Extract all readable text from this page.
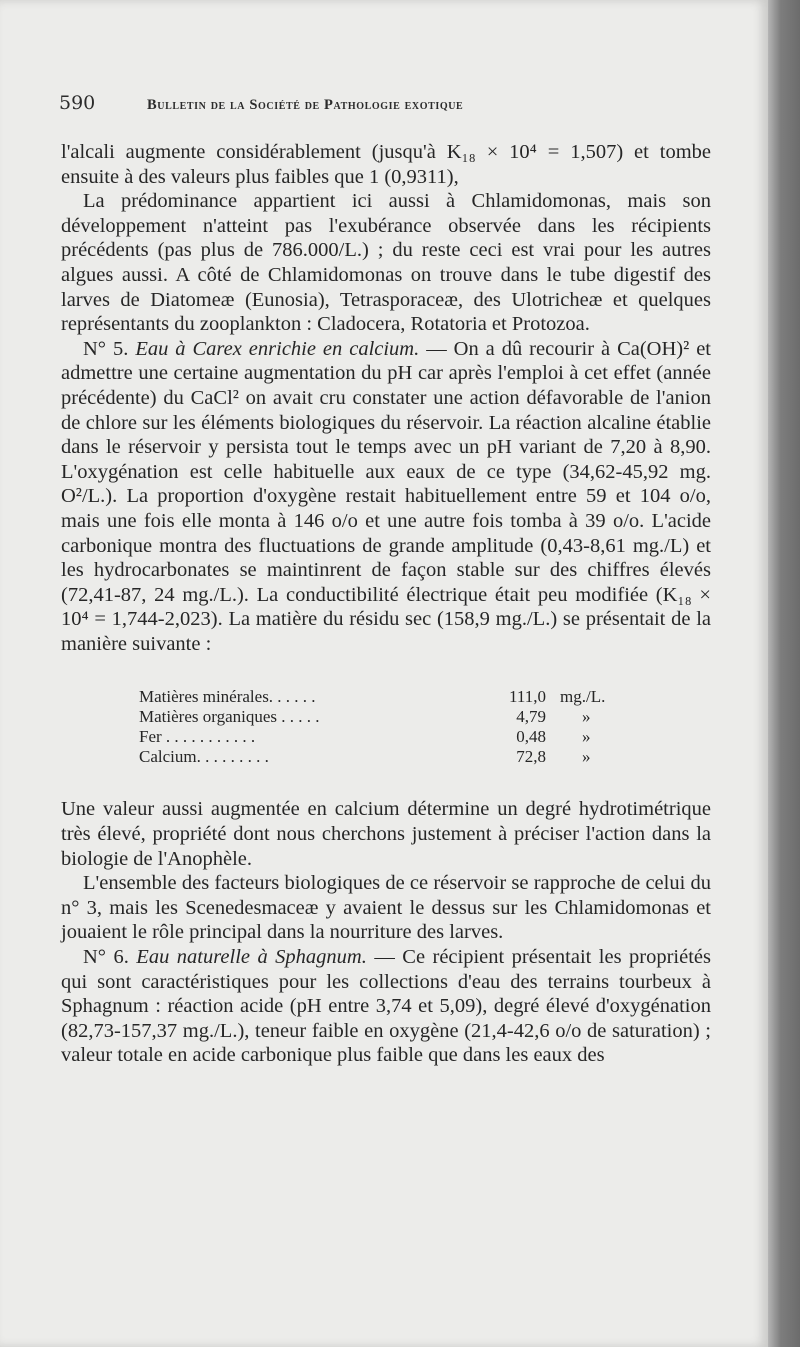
590	Bulletin de la Société de Pathologie exotique

l'alcali augmente considérablement (jusqu'à K₁₈ × 10⁴ = 1,507) et tombe ensuite à des valeurs plus faibles que 1 (0,9311),

La prédominance appartient ici aussi à Chlamidomonas, mais son développement n'atteint pas l'exubérance observée dans les récipients précédents (pas plus de 786.000/L.) ; du reste ceci est vrai pour les autres algues aussi. A côté de Chlamidomonas on trouve dans le tube digestif des larves de Diatomeæ (Eunosia), Tetrasporaceæ, des Ulotricheæ et quelques représentants du zooplankton : Cladocera, Rotatoria et Protozoa.

N° 5. Eau à Carex enrichie en calcium. — On a dû recourir à Ca(OH)² et admettre une certaine augmentation du pH car après l'emploi à cet effet (année précédente) du CaCl² on avait cru constater une action défavorable de l'anion de chlore sur les éléments biologiques du réservoir. La réaction alcaline établie dans le réservoir y persista tout le temps avec un pH variant de 7,20 à 8,90. L'oxygénation est celle habituelle aux eaux de ce type (34,62-45,92 mg. O²/L.). La proportion d'oxygène restait habituellement entre 59 et 104 o/o, mais une fois elle monta à 146 o/o et une autre fois tomba à 39 o/o. L'acide carbonique montra des fluctuations de grande amplitude (0,43-8,61 mg./L) et les hydrocarbonates se maintinrent de façon stable sur des chiffres élevés (72,41-87, 24 mg./L.). La conductibilité électrique était peu modifiée (K₁₈ × 10⁴ = 1,744-2,023). La matière du résidu sec (158,9 mg./L.) se présentait de la manière suivante :

Matières minérales. . . . . .	111,0 mg./L.
Matières organiques . . . . .	4,79	»
Fer . . . . . . . . . . .	0,48	»
Calcium. . . . . . . . .	72,8	»

Une valeur aussi augmentée en calcium détermine un degré hydrotimétrique très élevé, propriété dont nous cherchons justement à préciser l'action dans la biologie de l'Anophèle.

L'ensemble des facteurs biologiques de ce réservoir se rapproche de celui du n° 3, mais les Scenedesmaceæ y avaient le dessus sur les Chlamidomonas et jouaient le rôle principal dans la nourriture des larves.

N° 6. Eau naturelle à Sphagnum. — Ce récipient présentait les propriétés qui sont caractéristiques pour les collections d'eau des terrains tourbeux à Sphagnum : réaction acide (pH entre 3,74 et 5,09), degré élevé d'oxygénation (82,73-157,37 mg./L.), teneur faible en oxygène (21,4-42,6 o/o de saturation) ; valeur totale en acide carbonique plus faible que dans les eaux des
